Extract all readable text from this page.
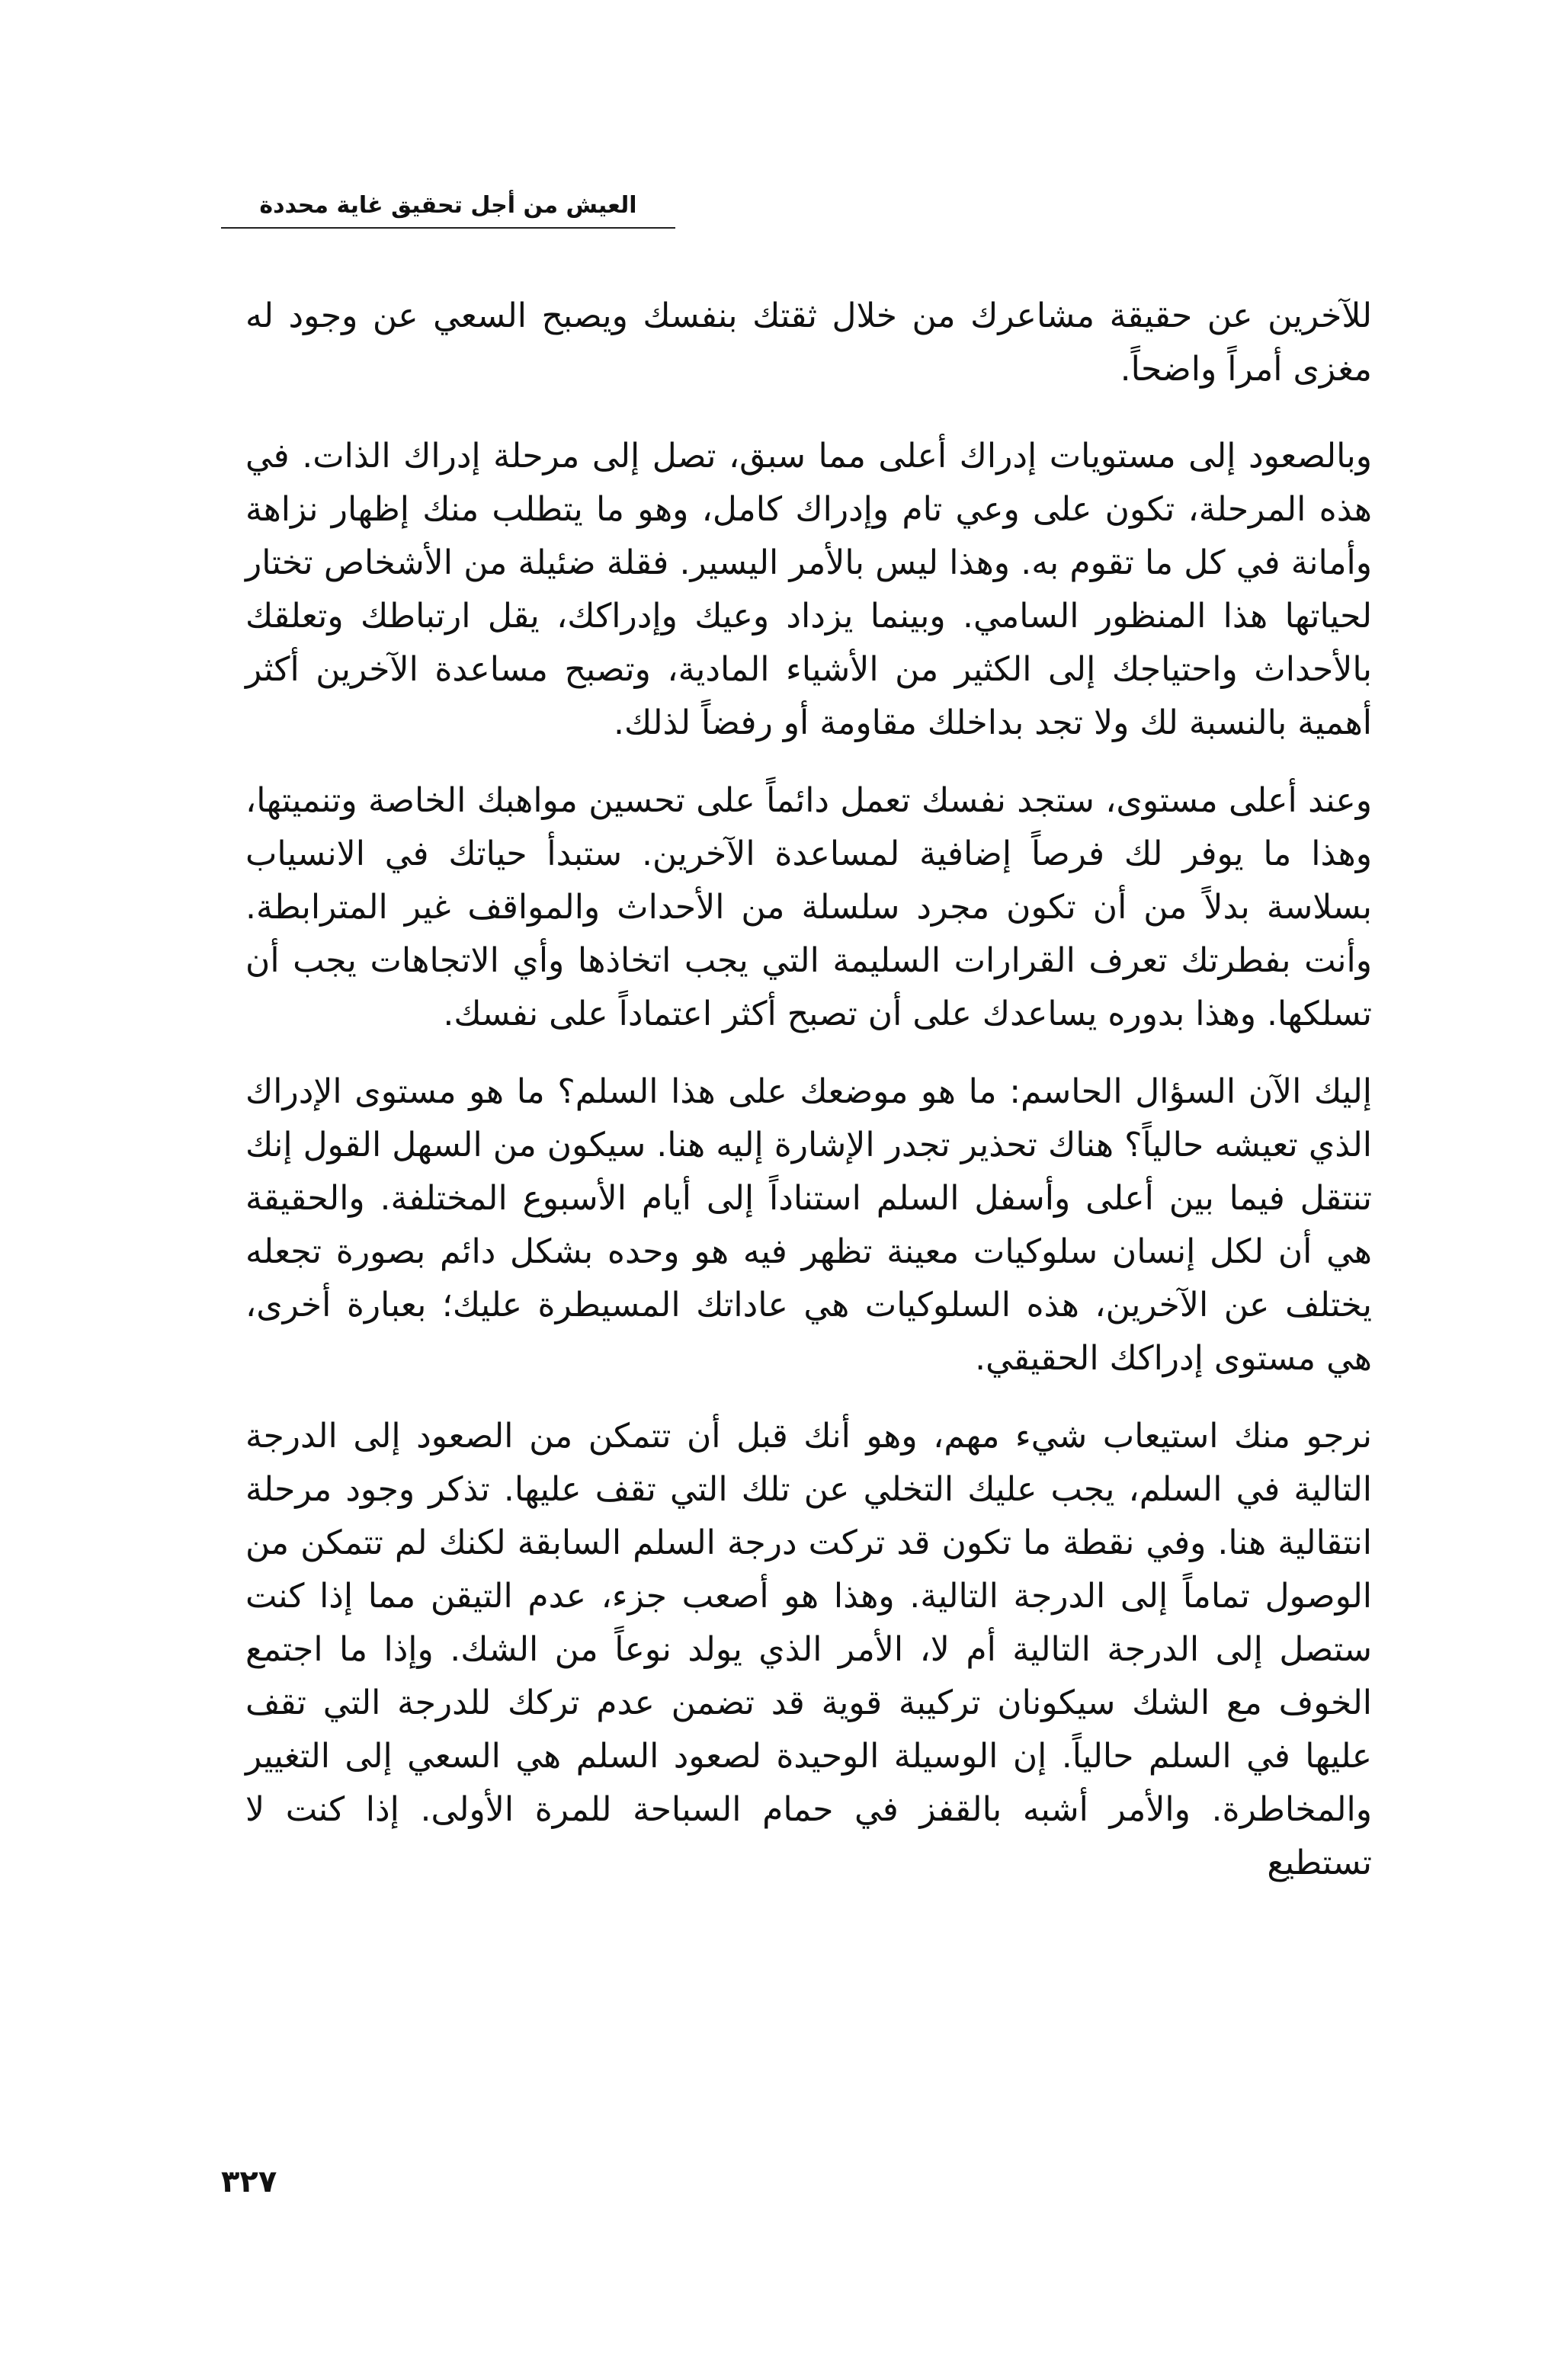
العيش من أجل تحقيق غاية محددة

للآخرين عن حقيقة مشاعرك من خلال ثقتك بنفسك ويصبح السعي عن وجود له مغزى أمراً واضحاً.

وبالصعود إلى مستويات إدراك أعلى مما سبق، تصل إلى مرحلة إدراك الذات. في هذه المرحلة، تكون على وعي تام وإدراك كامل، وهو ما يتطلب منك إظهار نزاهة وأمانة في كل ما تقوم به. وهذا ليس بالأمر اليسير. فقلة ضئيلة من الأشخاص تختار لحياتها هذا المنظور السامي. وبينما يزداد وعيك وإدراكك، يقل ارتباطك وتعلقك بالأحداث واحتياجك إلى الكثير من الأشياء المادية، وتصبح مساعدة الآخرين أكثر أهمية بالنسبة لك ولا تجد بداخلك مقاومة أو رفضاً لذلك.

وعند أعلى مستوى، ستجد نفسك تعمل دائماً على تحسين مواهبك الخاصة وتنميتها، وهذا ما يوفر لك فرصاً إضافية لمساعدة الآخرين. ستبدأ حياتك في الانسياب بسلاسة بدلاً من أن تكون مجرد سلسلة من الأحداث والمواقف غير المترابطة. وأنت بفطرتك تعرف القرارات السليمة التي يجب اتخاذها وأي الاتجاهات يجب أن تسلكها. وهذا بدوره يساعدك على أن تصبح أكثر اعتماداً على نفسك.

إليك الآن السؤال الحاسم: ما هو موضعك على هذا السلم؟ ما هو مستوى الإدراك الذي تعيشه حالياً؟ هناك تحذير تجدر الإشارة إليه هنا. سيكون من السهل القول إنك تنتقل فيما بين أعلى وأسفل السلم استناداً إلى أيام الأسبوع المختلفة. والحقيقة هي أن لكل إنسان سلوكيات معينة تظهر فيه هو وحده بشكل دائم بصورة تجعله يختلف عن الآخرين، هذه السلوكيات هي عاداتك المسيطرة عليك؛ بعبارة أخرى، هي مستوى إدراكك الحقيقي.

نرجو منك استيعاب شيء مهم، وهو أنك قبل أن تتمكن من الصعود إلى الدرجة التالية في السلم، يجب عليك التخلي عن تلك التي تقف عليها. تذكر وجود مرحلة انتقالية هنا. وفي نقطة ما تكون قد تركت درجة السلم السابقة لكنك لم تتمكن من الوصول تماماً إلى الدرجة التالية. وهذا هو أصعب جزء، عدم التيقن مما إذا كنت ستصل إلى الدرجة التالية أم لا، الأمر الذي يولد نوعاً من الشك. وإذا ما اجتمع الخوف مع الشك سيكونان تركيبة قوية قد تضمن عدم تركك للدرجة التي تقف عليها في السلم حالياً. إن الوسيلة الوحيدة لصعود السلم هي السعي إلى التغيير والمخاطرة. والأمر أشبه بالقفز في حمام السباحة للمرة الأولى. إذا كنت لا تستطيع

٣٢٧
